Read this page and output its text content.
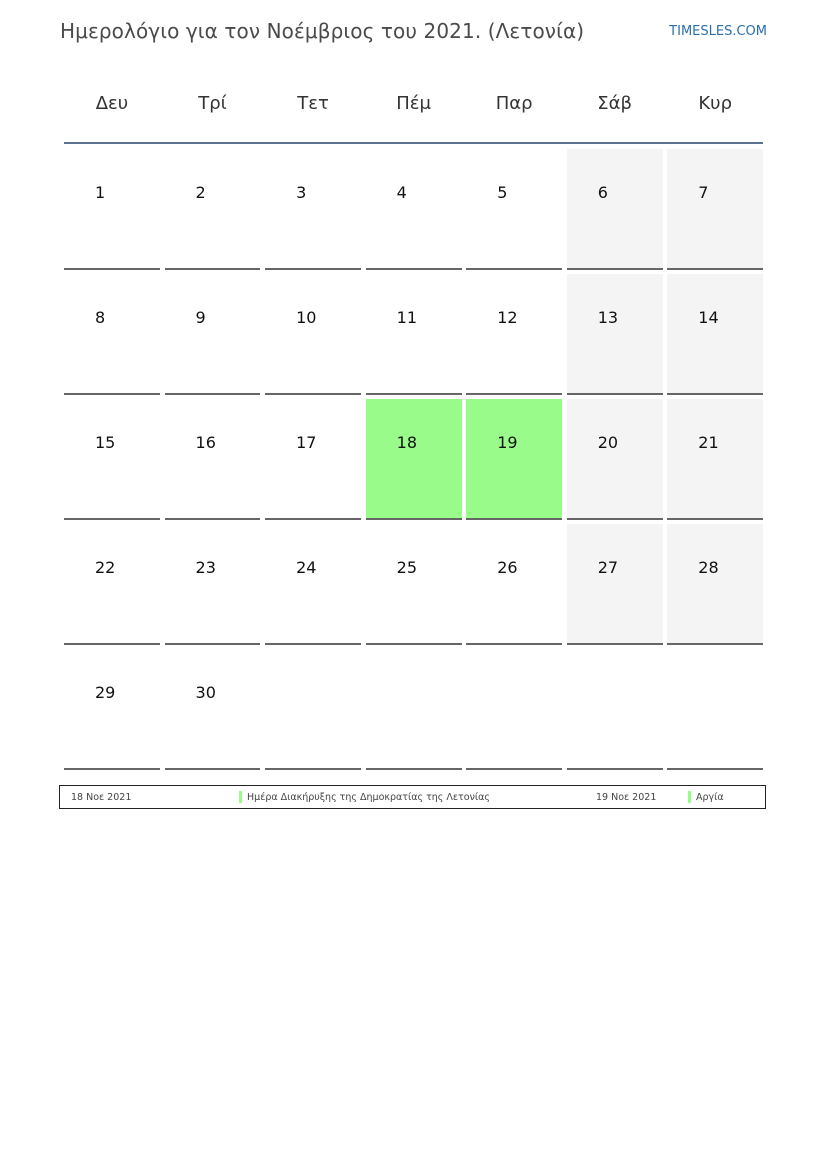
Ημερολόγιο για τον Νοέμβριος του 2021. (Λετονία)	TIMESLES.COM
Δευ	Τρί	Τετ	Πέμ	Παρ	Σάβ	Κυρ
1	2	3	4	5	6	7
8	9	10	11	12	13	14
15	16	17	18	19	20	21
22	23	24	25	26	27	28
29	30
18 Νοε 2021	Ημέρα Διακήρυξης της Δημοκρατίας της Λετονίας	19 Νοε 2021	Αργία
